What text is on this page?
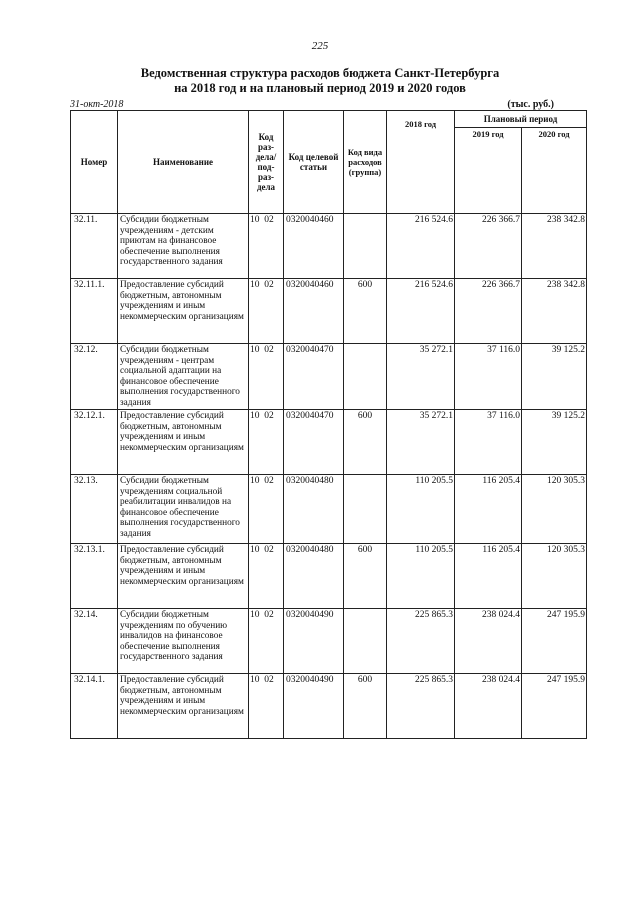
225
Ведомственная структура расходов бюджета Санкт-Петербурга
на 2018 год и на плановый период 2019 и 2020 годов
31-окт-2018	(тыс. руб.)
Номер	Наименование	Код раз-дела/ под-раз-дела	Код целевой статьи	Код вида расходов (группа)	2018 год	Плановый период	
						2019 год	2020 год
32.11.	Субсидии бюджетным учреждениям - детским приютам на финансовое обеспечение выполнения государственного задания	10  02	0320040460		216 524.6	226 366.7	238 342.8
32.11.1.	Предоставление субсидий бюджетным, автономным учреждениям и иным некоммерческим организациям	10  02	0320040460	600	216 524.6	226 366.7	238 342.8
32.12.	Субсидии бюджетным учреждениям - центрам социальной адаптации на финансовое обеспечение выполнения государственного задания	10  02	0320040470		35 272.1	37 116.0	39 125.2
32.12.1.	Предоставление субсидий бюджетным, автономным учреждениям и иным некоммерческим организациям	10  02	0320040470	600	35 272.1	37 116.0	39 125.2
32.13.	Субсидии бюджетным учреждениям социальной реабилитации инвалидов на финансовое обеспечение выполнения государственного задания	10  02	0320040480		110 205.5	116 205.4	120 305.3
32.13.1.	Предоставление субсидий бюджетным, автономным учреждениям и иным некоммерческим организациям	10  02	0320040480	600	110 205.5	116 205.4	120 305.3
32.14.	Субсидии бюджетным учреждениям по обучению инвалидов на финансовое обеспечение выполнения государственного задания	10  02	0320040490		225 865.3	238 024.4	247 195.9
32.14.1.	Предоставление субсидий бюджетным, автономным учреждениям и иным некоммерческим организациям	10  02	0320040490	600	225 865.3	238 024.4	247 195.9
